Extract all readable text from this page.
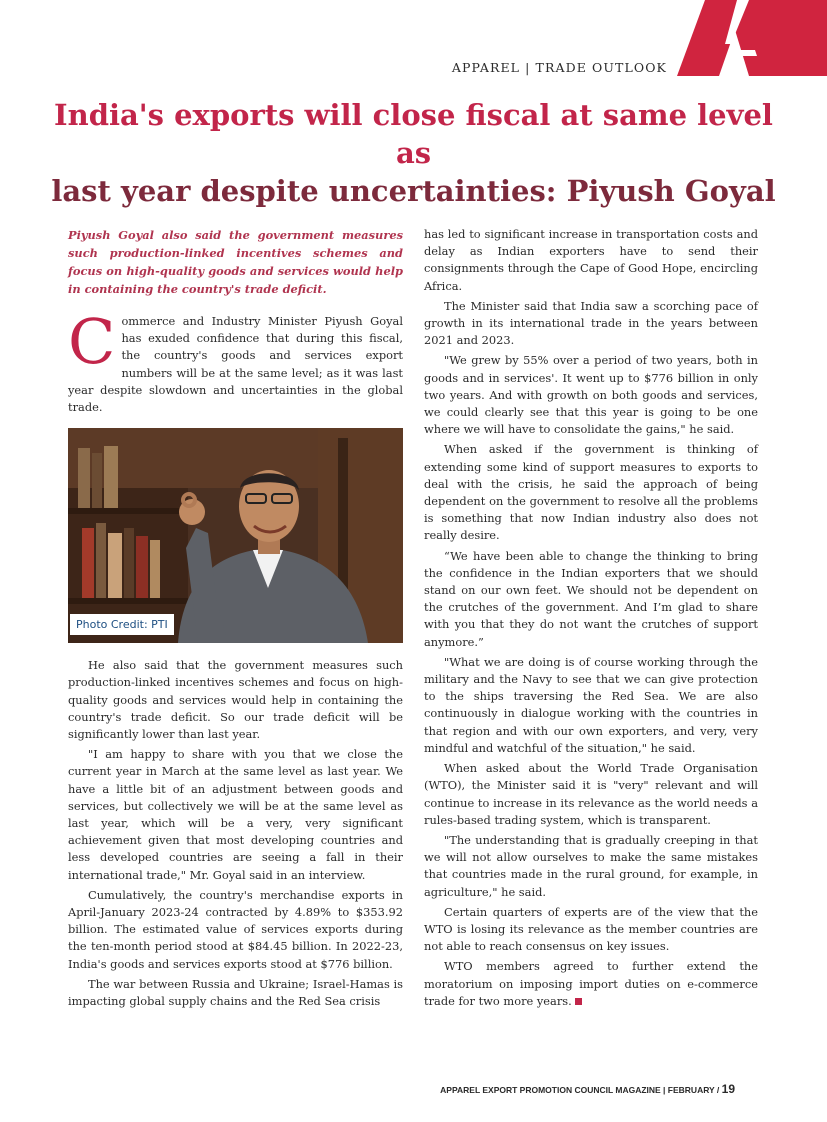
APPAREL | TRADE OUTLOOK
India's exports will close fiscal at same level as
last year despite uncertainties: Piyush Goyal

Piyush Goyal also said the government measures such production-linked incentives schemes and focus on high-quality goods and services would help in containing the country's trade deficit.

Commerce and Industry Minister Piyush Goyal has exuded confidence that during this fiscal, the country's goods and services export numbers will be at the same level; as it was last year despite slowdown and uncertainties in the global trade.

Photo Credit: PTI

He also said that the government measures such production-linked incentives schemes and focus on high-quality goods and services would help in containing the country's trade deficit. So our trade deficit will be significantly lower than last year.

"I am happy to share with you that we close the current year in March at the same level as last year. We have a little bit of an adjustment between goods and services, but collectively we will be at the same level as last year, which will be a very, very significant achievement given that most developing countries and less developed countries are seeing a fall in their international trade," Mr. Goyal said in an interview.

Cumulatively, the country's merchandise exports in April-January 2023-24 contracted by 4.89% to $353.92 billion. The estimated value of services exports during the ten-month period stood at $84.45 billion. In 2022-23, India's goods and services exports stood at $776 billion.

The war between Russia and Ukraine; Israel-Hamas is impacting global supply chains and the Red Sea crisis

has led to significant increase in transportation costs and delay as Indian exporters have to send their consignments through the Cape of Good Hope, encircling Africa.

The Minister said that India saw a scorching pace of growth in its international trade in the years between 2021 and 2023.

"We grew by 55% over a period of two years, both in goods and in services'. It went up to $776 billion in only two years. And with growth on both goods and services, we could clearly see that this year is going to be one where we will have to consolidate the gains," he said.

When asked if the government is thinking of extending some kind of support measures to exports to deal with the crisis, he said the approach of being dependent on the government to resolve all the problems is something that now Indian industry also does not really desire.

“We have been able to change the thinking to bring the confidence in the Indian exporters that we should stand on our own feet. We should not be dependent on the crutches of the government. And I’m glad to share with you that they do not want the crutches of support anymore.”

"What we are doing is of course working through the military and the Navy to see that we can give protection to the ships traversing the Red Sea. We are also continuously in dialogue working with the countries in that region and with our own exporters, and very, very mindful and watchful of the situation," he said.

When asked about the World Trade Organisation (WTO), the Minister said it is "very" relevant and will continue to increase in its relevance as the world needs a rules-based trading system, which is transparent.

"The understanding that is gradually creeping in that we will not allow ourselves to make the same mistakes that countries made in the rural ground, for example, in agriculture," he said.

Certain quarters of experts are of the view that the WTO is losing its relevance as the member countries are not able to reach consensus on key issues.

WTO members agreed to further extend the moratorium on imposing import duties on e-commerce trade for two more years.

APPAREL EXPORT PROMOTION COUNCIL MAGAZINE | FEBRUARY / 19
